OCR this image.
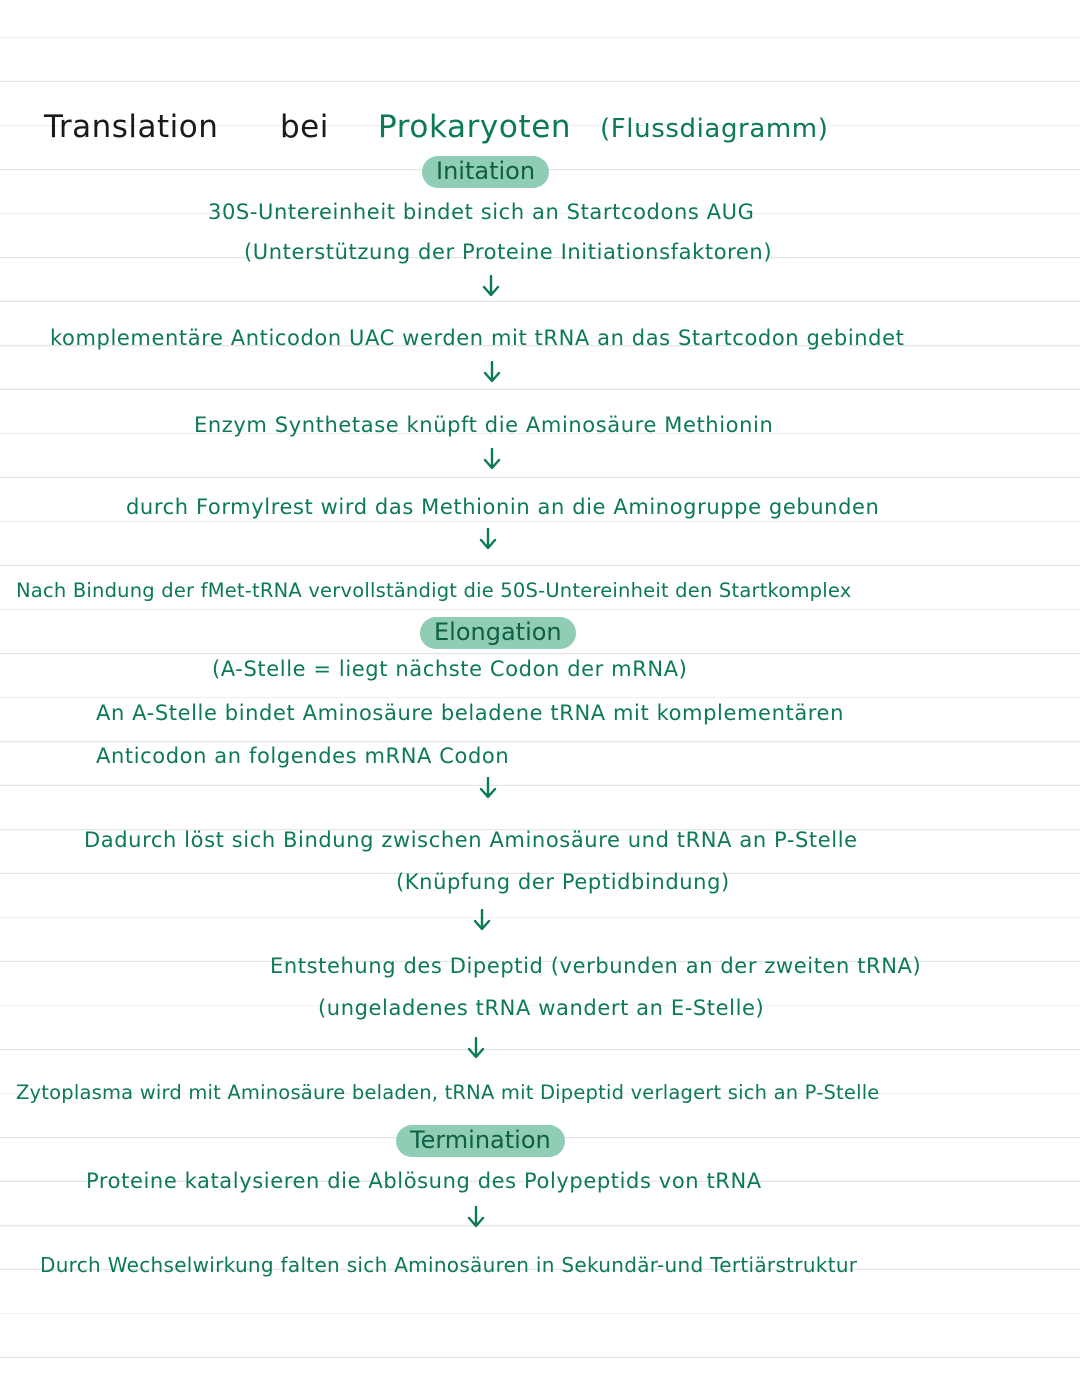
Translation bei Prokaryoten (Flussdiagramm)
Initation
30S-Untereinheit bindet sich an Startcodons AUG
(Unterstützung der Proteine Initiationsfaktoren)
komplementäre Anticodon UAC werden mit tRNA an das Startcodon gebindet
Enzym Synthetase knüpft die Aminosäure Methionin
durch Formylrest wird das Methionin an die Aminogruppe gebunden
Nach Bindung der fMet-tRNA vervollständigt die 50S-Untereinheit den Startkomplex
Elongation
(A-Stelle = liegt nächste Codon der mRNA)
An A-Stelle bindet Aminosäure beladene tRNA mit komplementären
Anticodon an folgendes mRNA Codon
Dadurch löst sich Bindung zwischen Aminosäure und tRNA an P-Stelle
(Knüpfung der Peptidbindung)
Entstehung des Dipeptid (verbunden an der zweiten tRNA)
(ungeladenes tRNA wandert an E-Stelle)
Zytoplasma wird mit Aminosäure beladen, tRNA mit Dipeptid verlagert sich an P-Stelle
Termination
Proteine katalysieren die Ablösung des Polypeptids von tRNA
Durch Wechselwirkung falten sich Aminosäuren in Sekundär-und Tertiärstruktur
